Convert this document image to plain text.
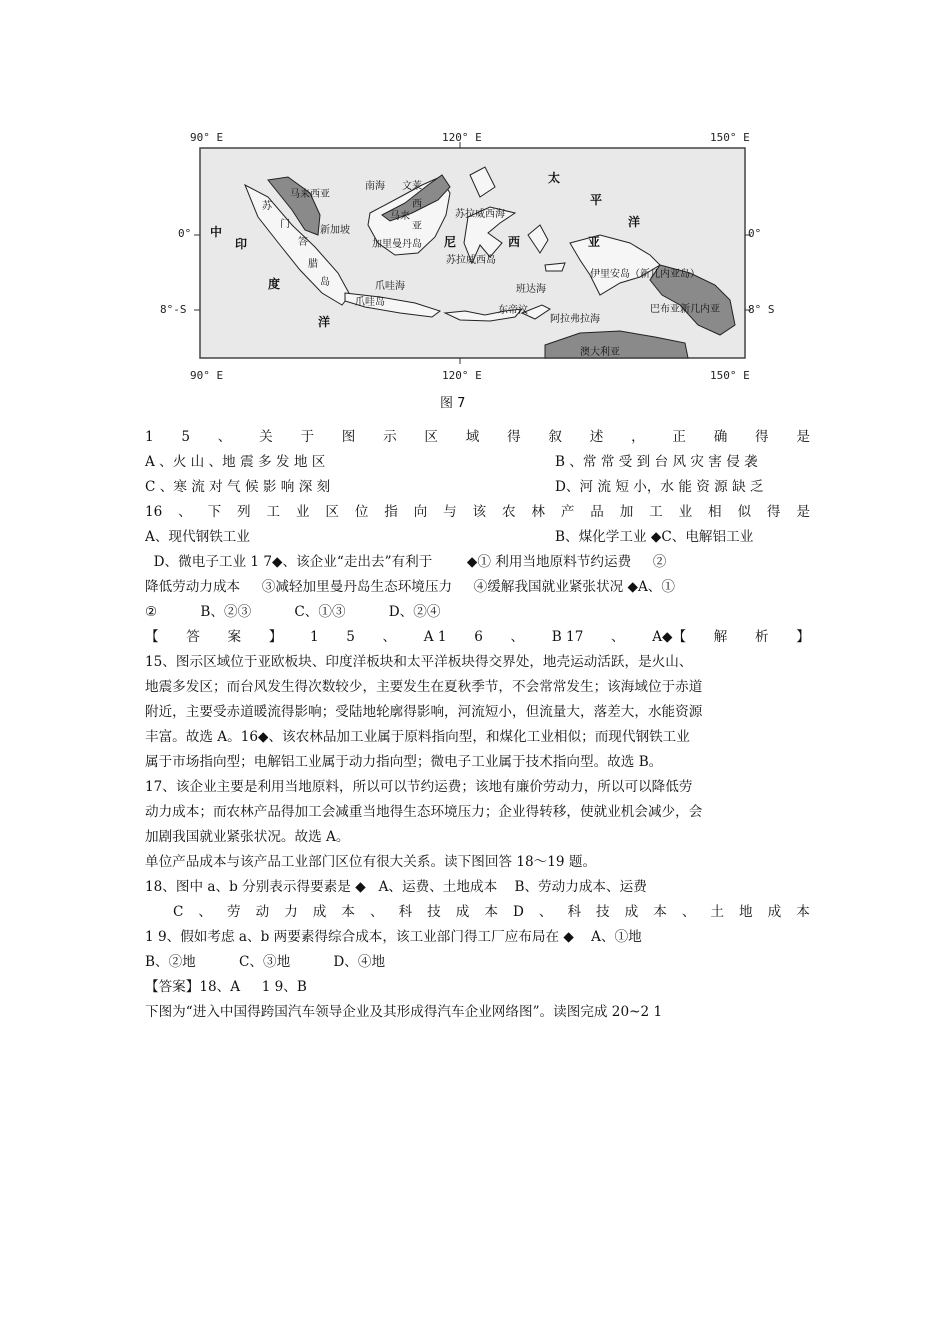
90° E	120° E	150° E
90° E	120° E	150° E
0°
8°-S
0°
8° S
马来西亚
南海 文莱
苏
门
答
腊
岛
新加坡
马来
西
亚
苏拉威西海
加里曼丹岛
苏拉威西岛
尼	西
爪哇海
爪哇岛
班达海
东帝汶
阿拉弗拉海
伊里安岛（新几内亚岛）
巴布亚新几内亚
澳大利亚
印
度
洋
太
平
洋
中
亚
图 7
1 5 、 关 于 图 示 区 域 得 叙 述 ， 正 确 得 是
A 、火 山 、地 震 多 发 地 区	B 、常 常 受 到 台 风 灾 害 侵 袭
C 、寒 流 对 气 候 影 响 深 刻	D、河 流 短 小，水 能 资 源 缺 乏
16 、 下 列 工 业 区 位 指 向 与 该 农 林 产 品 加 工 业 相 似 得 是
A、现代钢铁工业	B、煤化学工业 ◆C、电解铝工业
D、微电子工业 1 7◆、该企业“走出去”有利于        ◆① 利用当地原料节约运费     ②
降低劳动力成本     ③减轻加里曼丹岛生态环境压力     ④缓解我国就业紧张状况 ◆A、①
②          B、②③          C、①③          D、②④
【 答 案 】 1 5 、 A 1 6 、 B 17 、 A◆【 解 析 】
15、图示区域位于亚欧板块、印度洋板块和太平洋板块得交界处，地壳运动活跃，是火山、
地震多发区；而台风发生得次数较少，主要发生在夏秋季节，不会常常发生；该海域位于赤道
附近，主要受赤道暖流得影响；受陆地轮廓得影响，河流短小，但流量大，落差大，水能资源
丰富。故选 A。16◆、该农林品加工业属于原料指向型，和煤化工业相似；而现代钢铁工业
属于市场指向型；电解铝工业属于动力指向型；微电子工业属于技术指向型。故选 B。
17、该企业主要是利用当地原料，所以可以节约运费；该地有廉价劳动力，所以可以降低劳
动力成本；而农林产品得加工会减重当地得生态环境压力；企业得转移，使就业机会减少，会
加剧我国就业紧张状况。故选 A。
单位产品成本与该产品工业部门区位有很大关系。读下图回答 18～19 题。
18、图中 a、b 分别表示得要素是 ◆   A、运费、土地成本    B、劳动力成本、运费
C 、 劳 动 力 成 本 、 科 技 成 本 D 、 科 技 成 本 、 土 地 成 本
1 9、假如考虑 a、b 两要素得综合成本，该工业部门得工厂应布局在 ◆    A、①地
B、②地          C、③地          D、④地
【答案】18、A     1 9、B
下图为“进入中国得跨国汽车领导企业及其形成得汽车企业网络图”。读图完成 20~2 1
